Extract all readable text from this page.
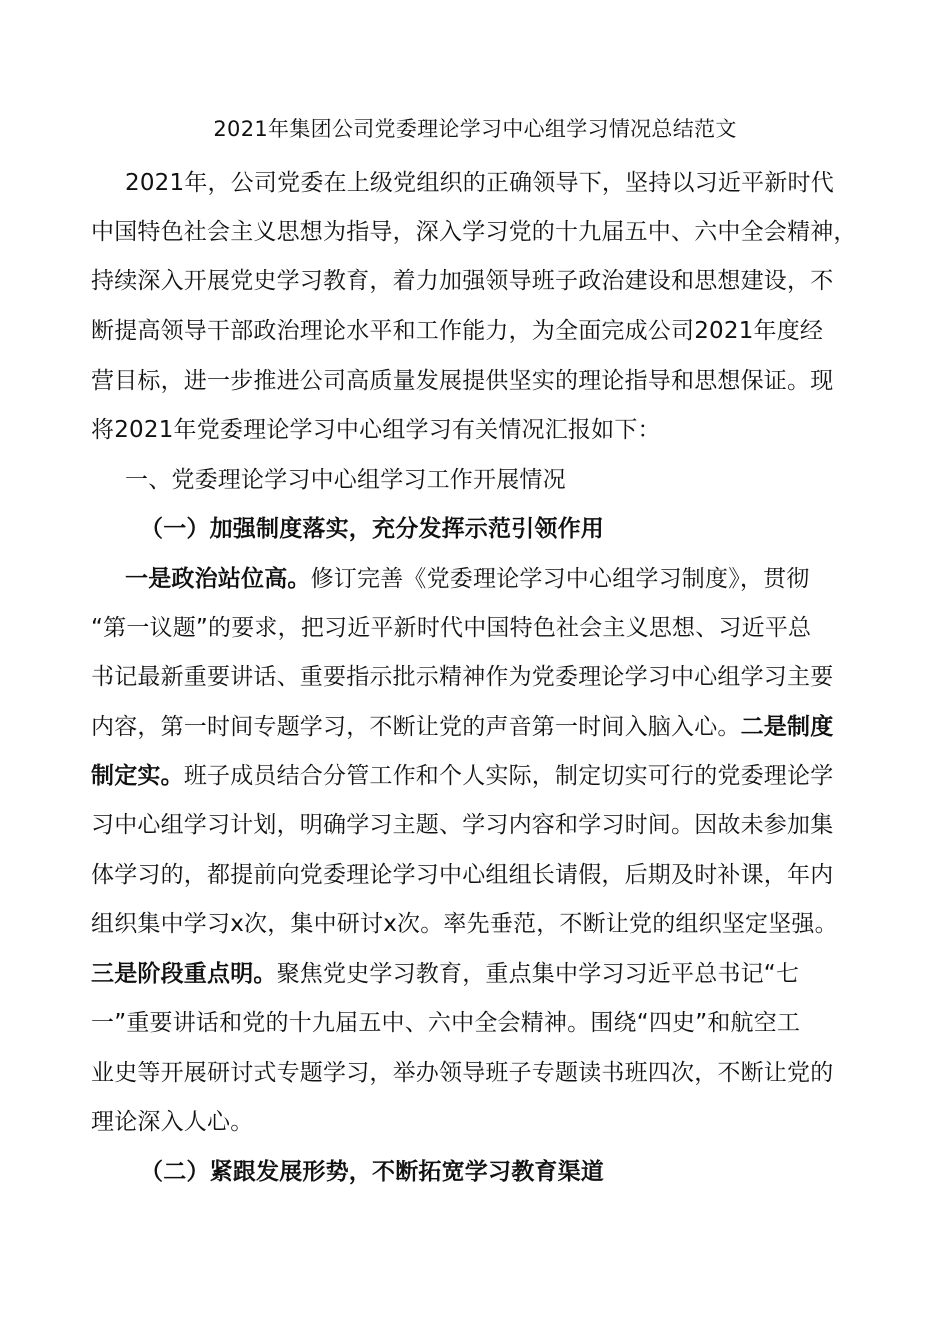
2021年集团公司党委理论学习中心组学习情况总结范文
2021年，公司党委在上级党组织的正确领导下，坚持以习近平新时代
中国特色社会主义思想为指导，深入学习党的十九届五中、六中全会精神，
持续深入开展党史学习教育，着力加强领导班子政治建设和思想建设，不
断提高领导干部政治理论水平和工作能力，为全面完成公司2021年度经
营目标，进一步推进公司高质量发展提供坚实的理论指导和思想保证。现
将2021年党委理论学习中心组学习有关情况汇报如下：
一、党委理论学习中心组学习工作开展情况
（一）加强制度落实，充分发挥示范引领作用
一是政治站位高。修订完善《党委理论学习中心组学习制度》，贯彻
“第一议题”的要求，把习近平新时代中国特色社会主义思想、习近平总
书记最新重要讲话、重要指示批示精神作为党委理论学习中心组学习主要
内容，第一时间专题学习，不断让党的声音第一时间入脑入心。二是制度
制定实。班子成员结合分管工作和个人实际，制定切实可行的党委理论学
习中心组学习计划，明确学习主题、学习内容和学习时间。因故未参加集
体学习的，都提前向党委理论学习中心组组长请假，后期及时补课，年内
组织集中学习x次，集中研讨x次。率先垂范，不断让党的组织坚定坚强。
三是阶段重点明。聚焦党史学习教育，重点集中学习习近平总书记“七
一”重要讲话和党的十九届五中、六中全会精神。围绕“四史”和航空工
业史等开展研讨式专题学习，举办领导班子专题读书班四次，不断让党的
理论深入人心。
（二）紧跟发展形势，不断拓宽学习教育渠道
